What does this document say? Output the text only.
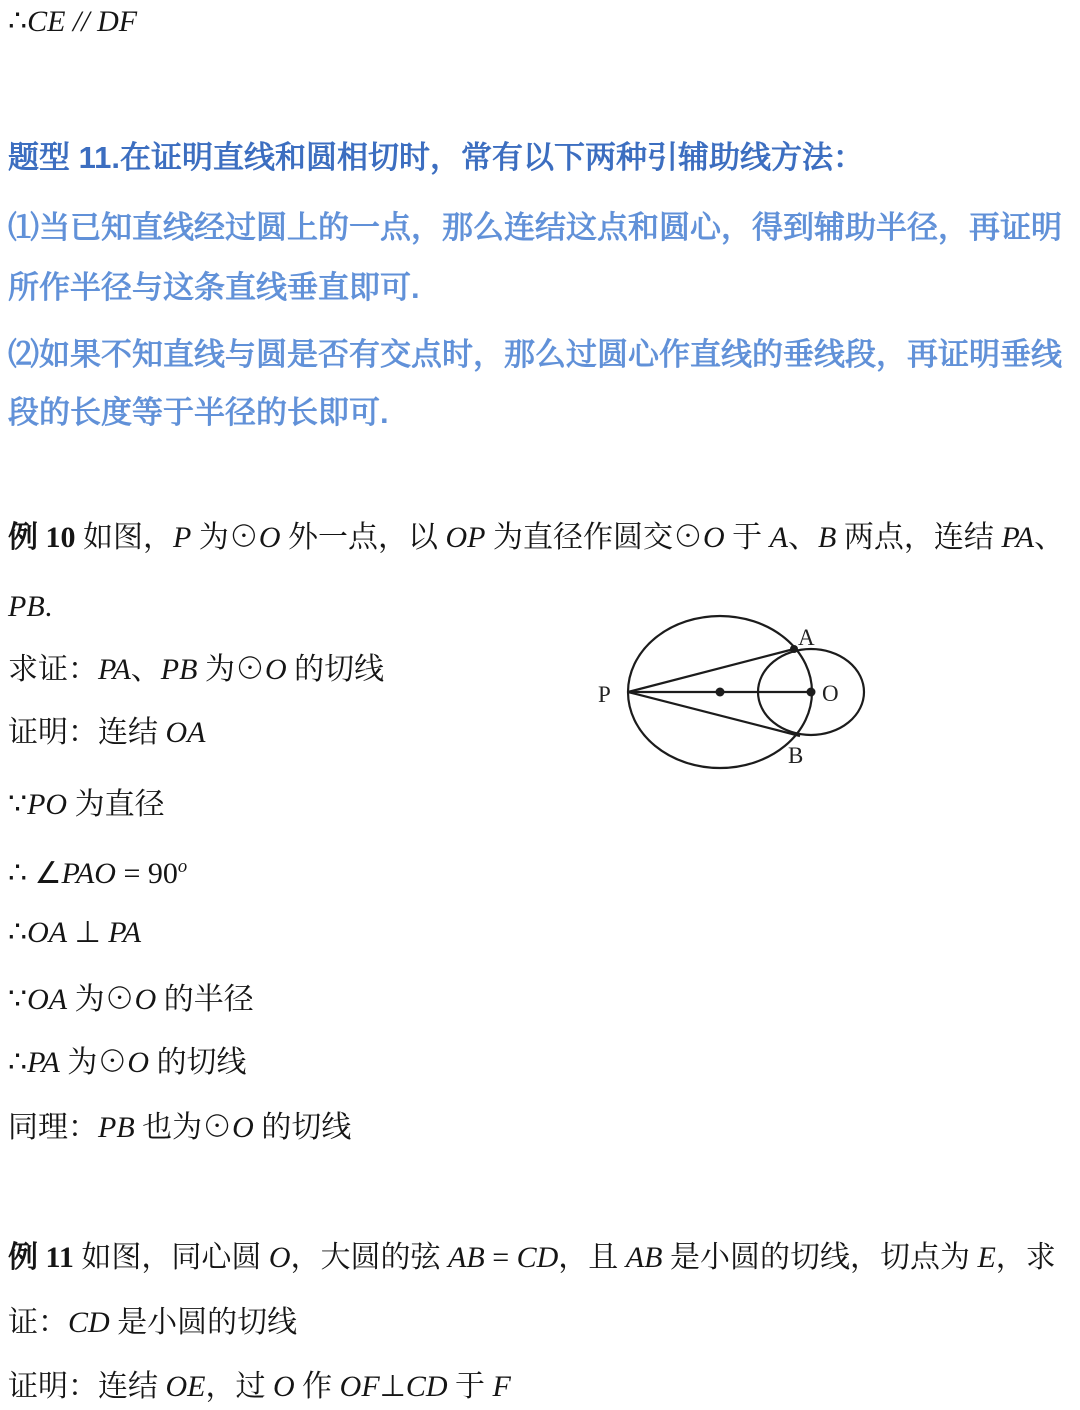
∴CE // DF
题型 11.在证明直线和圆相切时，常有以下两种引辅助线方法：
⑴当已知直线经过圆上的一点，那么连结这点和圆心，得到辅助半径，再证明
所作半径与这条直线垂直即可.
⑵如果不知直线与圆是否有交点时，那么过圆心作直线的垂线段，再证明垂线
段的长度等于半径的长即可.
例 10 如图，P 为⊙O 外一点，以 OP 为直径作圆交⊙O 于 A、B 两点，连结 PA、
PB.
求证：PA、PB 为⊙O 的切线
证明：连结 OA
∵PO 为直径
∴ ∠PAO = $90^o$
∴OA ⊥ PA
∵OA 为⊙O 的半径
∴PA 为⊙O 的切线
同理：PB 也为⊙O 的切线
例 11 如图，同心圆 O，大圆的弦 AB = CD，且 AB 是小圆的切线，切点为 E，求
证：CD 是小圆的切线
证明：连结 OE，过 O 作 OF⊥CD 于 F
P
A
B
O
